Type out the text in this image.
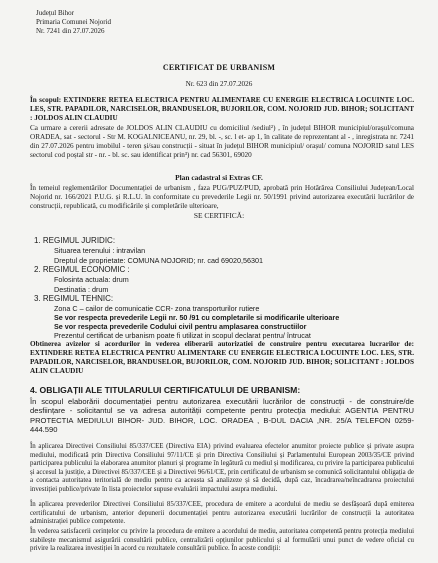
Județul Bihor
Primaria Comunei Nojorid
Nr. 7241 din 27.07.2026
CERTIFICAT DE URBANISM
Nr. 623 din 27.07.2026
În scopul: EXTINDERE RETEA ELECTRICA PENTRU ALIMENTARE CU ENERGIE ELECTRICA LOCUINTE LOC. LES, STR. PAPADILOR, NARCISELOR, BRANDUSELOR, BUJORILOR, COM. NOJORID JUD. BIHOR; SOLICITANT : JOLDOS ALIN CLAUDIU
Ca urmare a cererii adresate de JOLDOS ALIN CLAUDIU cu domiciliul /sediul²) , în județul BIHOR municipiul/orașul/comuna ORADEA, sat - sectorul - Str M. KOGALNICEANU, nr. 29, bl. -, sc. l et- ap 1, în calitate de reprezentant al - , inregistrata nr. 7241 din 27.07.2026 pentru imobilul - teren și/sau construcții - situat în județul BIHOR municipiul/ orașul/ comuna NOJORID satul LES sectorul cod poștal str - nr. - bl. sc. sau identificat prin³) nr. cad 56301, 69020
Plan cadastral si Extras CF.
În temeiul reglementărilor Documentației de urbanism , faza PUG/PUZ/PUD, aprobată prin Hotărârea Consiliului Județean/Local Nojorid nr. 166/2021 P.U.G. și R.L.U. în conformitate cu prevederile Legii nr. 50/1991 privind autorizarea executării lucrărilor de construcții, republicată, cu modificările și completările ulterioare,
SE CERTIFICĂ:
1. REGIMUL JURIDIC:
Situarea terenului : intravilan
Dreptul de proprietate: COMUNA NOJORID; nr. cad 69020,56301
2. REGIMUL ECONOMIC :
Folosinta actuala: drum
Destinatia : drum
3. REGIMUL TEHNIC:
Zona C – cailor de comunicatie CCR- zona transporturilor rutiere
Se vor respecta prevederile Legii nr. 50 /91 cu completarile si modificarile ulterioare
Se vor respecta prevederile Codului civil pentru amplasarea constructiilor
Prezentul certificat de urbanism poate fi utilizat in scopul declarat pentru/ întrucat
Obtinerea avizelor si acordurilor in vederea eliberarii autorizatiei de construire pentru executarea lucrarilor de: EXTINDERE RETEA ELECTRICA PENTRU ALIMENTARE CU ENERGIE ELECTRICA LOCUINTE LOC. LES, STR. PAPADILOR, NARCISELOR, BRANDUSELOR, BUJORILOR, COM. NOJORID JUD. BIHOR; SOLICITANT : JOLDOS ALIN CLAUDIU
4. OBLIGAȚII ALE TITULARULUI CERTIFICATULUI DE URBANISM:
În scopul elaborării documentației pentru autorizarea executării lucrărilor de construcții - de construire/de desființare - solicitantul se va adresa autorității competente pentru protecția mediului: AGENTIA PENTRU PROTECTIA MEDIULUI BIHOR- JUD. BIHOR, LOC. ORADEA , B-DUL DACIA ,NR. 25/A TELEFON 0259-444.590
În aplicarea Directivei Consiliului 85/337/CEE (Directiva EIA) privind evaluarea efectelor anumitor proiecte publice și private asupra mediului, modificată prin Directiva Consiliului 97/11/CE și prin Directiva Consiliului și Parlamentului European 2003/35/CE privind participarea publicului la elaborarea anumitor planuri și programe în legătură cu mediul și modificarea, cu privire la participarea publicului și accesul la justiție, a Directivei 85/337/CEE și a Directivei 96/61/CE, prin certificatul de urbanism se comunică solicitantului obligația de a contacta autoritatea teritorială de mediu pentru ca aceasta să analizeze și să decidă, după caz, încadrarea/neîncadrarea proiectului investiției publice/private în lista proiectelor supuse evaluării impactului asupra mediului.
În aplicarea prevederilor Directivei Consiliului 85/337/CEE, procedura de emitere a acordului de mediu se desfășoară după emiterea certificatului de urbanism, anterior depunerii documentației pentru autorizarea executării lucrărilor de construcții la autoritatea administrației publice competente.
În vederea satisfacerii cerințelor cu privire la procedura de emitere a acordului de mediu, autoritatea competentă pentru protecția mediului stabilește mecanismul asigurării consultării publice, centralizării opțiunilor publicului și al formulării unui punct de vedere oficial cu privire la realizarea investiției în acord cu rezultatele consultării publice. În aceste condiții:
